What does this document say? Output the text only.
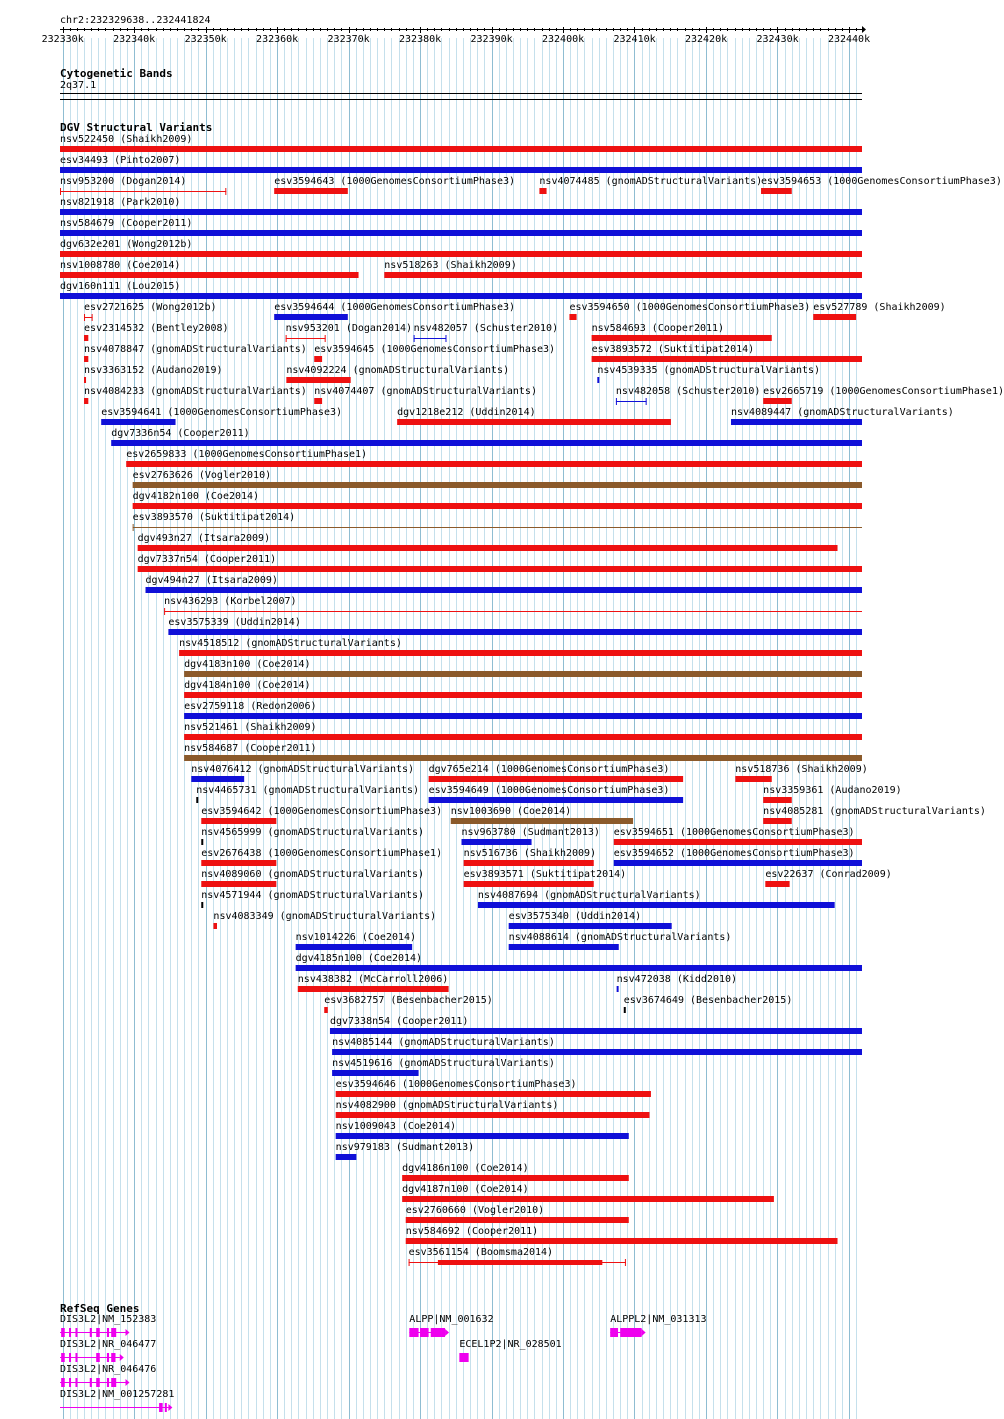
chr2:232329638..232441824
232330k	232340k	232350k	232360k	232370k	232380k	232390k	232400k	232410k	232420k	232430k	232440k
Cytogenetic Bands
2q37.1
DGV Structural Variants
RefSeq Genes
nsv522450 (Shaikh2009)
esv34493 (Pinto2007)
nsv953200 (Dogan2014)	esv3594643 (1000GenomesConsortiumPhase3) nsv4074485 (gnomADStructuralVariants)
esv3594653 (1000GenomesConsortiumPhase3)
nsv821918 (Park2010)
nsv584679 (Cooper2011)
dgv632e201 (Wong2012b)
nsv1008780 (Coe2014)	nsv518263 (Shaikh2009)
dgv160n111 (Lou2015)
esv2721625 (Wong2012b)	esv3594644 (1000GenomesConsortiumPhase3)	esv3594650 (1000GenomesConsortiumPhase3) esv527789 (Shaikh2009)
esv2314532 (Bentley2008)	nsv953201 (Dogan2014) nsv482057 (Schuster2010)	nsv584693 (Cooper2011)
nsv4078847 (gnomADStructuralVariants) esv3594645 (1000GenomesConsortiumPhase3)	esv3893572 (Suktitipat2014)
nsv3363152 (Audano2019)	nsv4092224 (gnomADStructuralVariants)	nsv4539335 (gnomADStructuralVariants)
nsv4084233 (gnomADStructuralVariants) nsv4074407 (gnomADStructuralVariants)	nsv482058 (Schuster2010) esv2665719 (1000GenomesConsortiumPhase1)
esv3594641 (1000GenomesConsortiumPhase3)	dgv1218e212 (Uddin2014)	nsv4089447 (gnomADStructuralVariants)
dgv7336n54 (Cooper2011)
esv2659833 (1000GenomesConsortiumPhase1)
esv2763626 (Vogler2010)
dgv4182n100 (Coe2014)
esv3893570 (Suktitipat2014)
dgv493n27 (Itsara2009)
dgv7337n54 (Cooper2011)
dgv494n27 (Itsara2009)
nsv436293 (Korbel2007)
esv3575339 (Uddin2014)
nsv4518512 (gnomADStructuralVariants)
dgv4183n100 (Coe2014)
dgv4184n100 (Coe2014)
esv2759118 (Redon2006)
nsv521461 (Shaikh2009)
nsv584687 (Cooper2011)
nsv4076412 (gnomADStructuralVariants) dgv765e214 (1000GenomesConsortiumPhase3)	nsv518736 (Shaikh2009)
nsv4465731 (gnomADStructuralVariants) esv3594649 (1000GenomesConsortiumPhase3)	nsv3359361 (Audano2019)
esv3594642 (1000GenomesConsortiumPhase3) nsv1003690 (Coe2014)	nsv4085281 (gnomADStructuralVariants)
nsv4565999 (gnomADStructuralVariants)	nsv963780 (Sudmant2013) esv3594651 (1000GenomesConsortiumPhase3)
esv2676438 (1000GenomesConsortiumPhase1) nsv516736 (Shaikh2009) esv3594652 (1000GenomesConsortiumPhase3)
nsv4089060 (gnomADStructuralVariants)	esv3893571 (Suktitipat2014)	esv22637 (Conrad2009)
nsv4571944 (gnomADStructuralVariants)	nsv4087694 (gnomADStructuralVariants)
nsv4083349 (gnomADStructuralVariants)	esv3575340 (Uddin2014)
nsv1014226 (Coe2014)	nsv4088614 (gnomADStructuralVariants)
dgv4185n100 (Coe2014)
nsv438382 (McCarroll2006)	nsv472038 (Kidd2010)
esv3682757 (Besenbacher2015)	esv3674649 (Besenbacher2015)
dgv7338n54 (Cooper2011)
nsv4085144 (gnomADStructuralVariants)
nsv4519616 (gnomADStructuralVariants)
esv3594646 (1000GenomesConsortiumPhase3)
nsv4082900 (gnomADStructuralVariants)
nsv1009043 (Coe2014)
nsv979183 (Sudmant2013)
dgv4186n100 (Coe2014)
dgv4187n100 (Coe2014)
esv2760660 (Vogler2010)
nsv584692 (Cooper2011)
esv3561154 (Boomsma2014)
DIS3L2|NM_152383	ALPP|NM_001632	ALPPL2|NM_031313
DIS3L2|NR_046477	ECEL1P2|NR_028501
DIS3L2|NR_046476
DIS3L2|NM_001257281
